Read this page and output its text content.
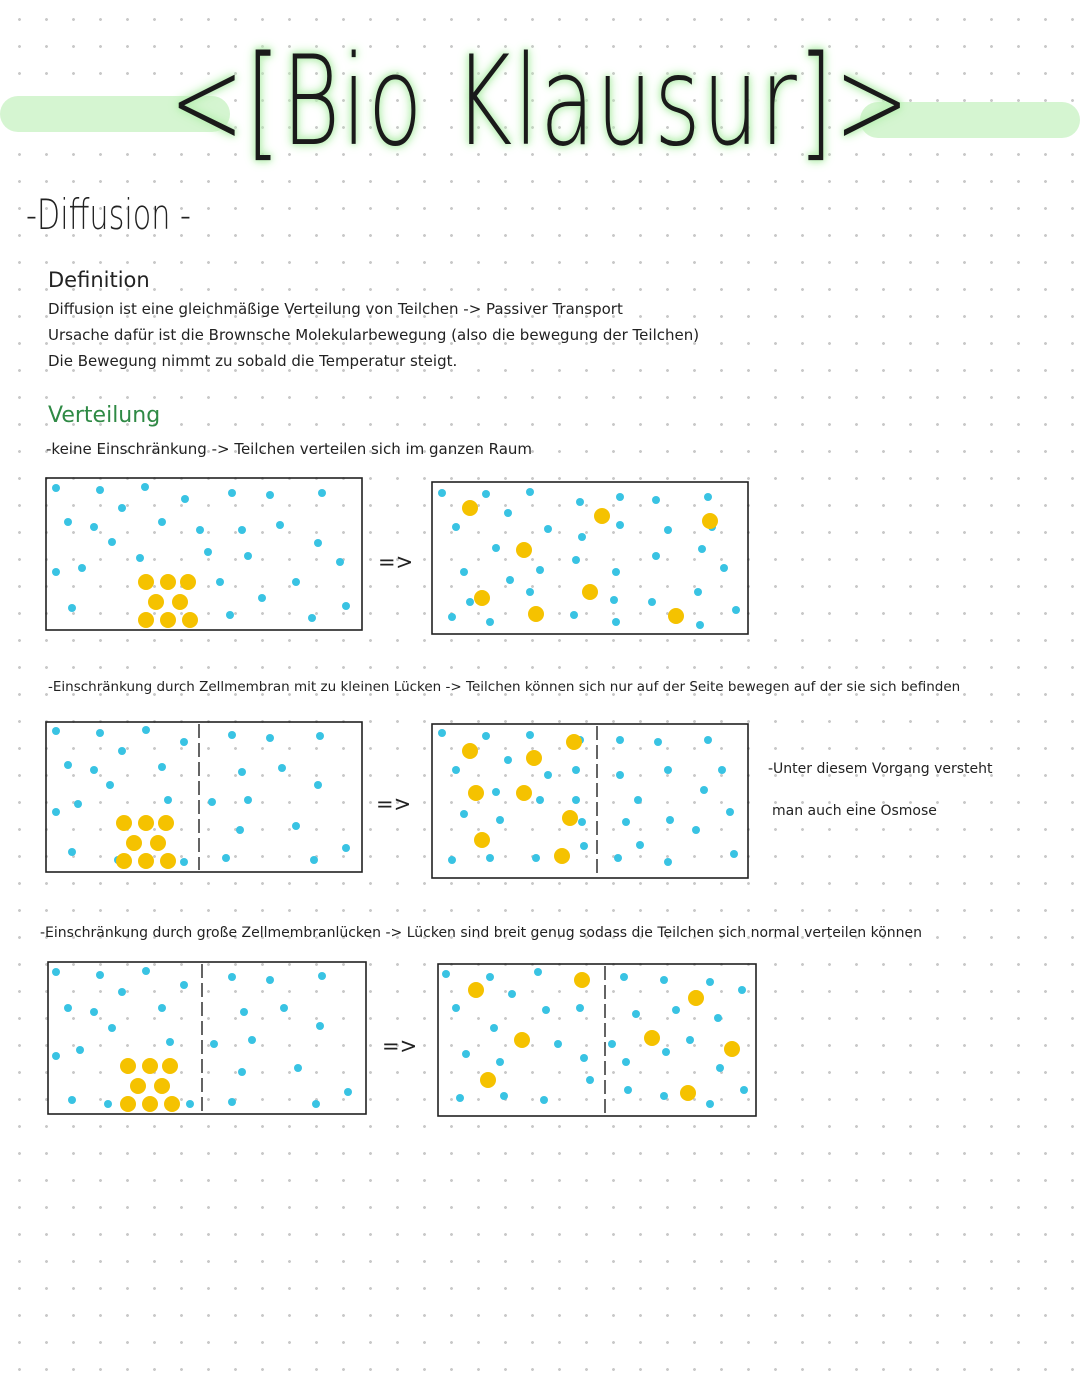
<[Bio Klausur]>
-Diffusion -
Definition
Diffusion ist eine gleichmäßige Verteilung von Teilchen -> Passiver Transport
Ursache dafür ist die Brownsche Molekularbewegung (also die bewegung der Teilchen)
Die Bewegung nimmt zu sobald die Temperatur steigt.
Verteilung
-keine Einschränkung -> Teilchen verteilen sich im ganzen Raum
-Einschränkung durch Zellmembran mit zu kleinen Lücken -> Teilchen können sich nur auf der Seite bewegen auf der sie sich befinden
-Unter diesem Vorgang versteht
man auch eine Osmose
-Einschränkung durch große Zellmembranlücken -> Lücken sind breit genug sodass die Teilchen sich normal verteilen können
=>
=>
=>
